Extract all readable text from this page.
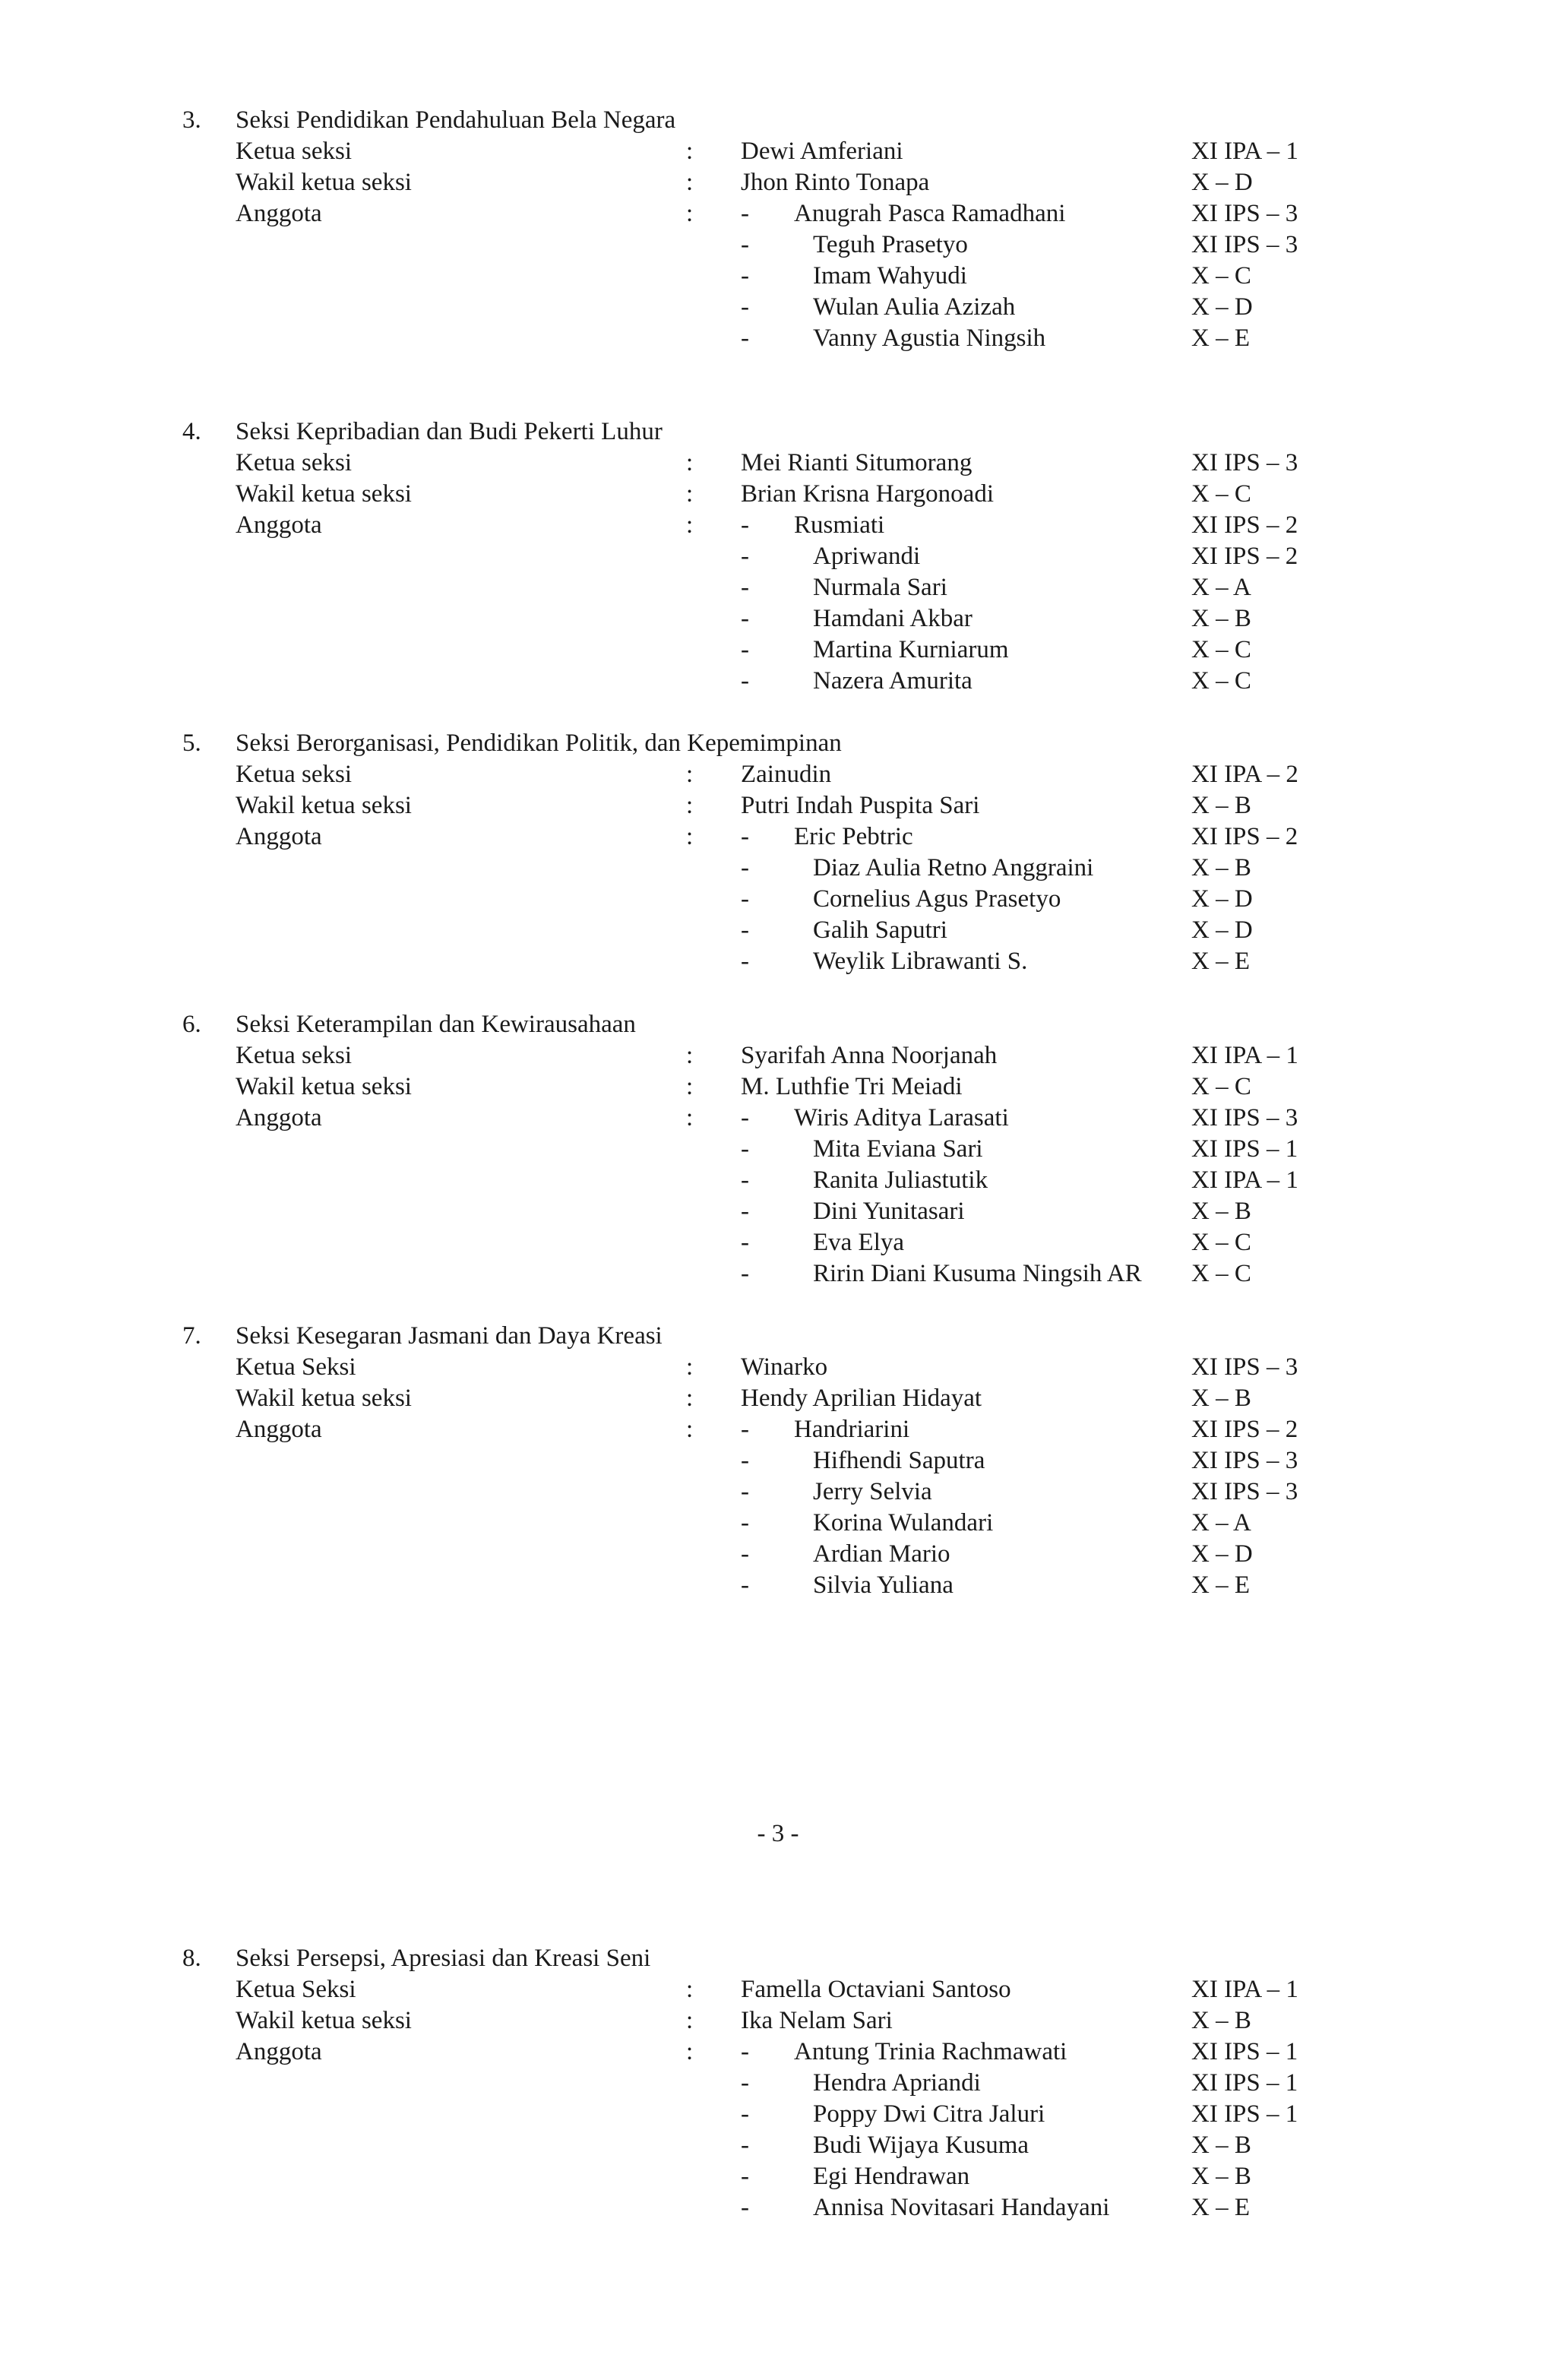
3. Seksi Pendidikan Pendahuluan Bela Negara
Ketua seksi	: Dewi Amferiani	XI IPA – 1
Wakil ketua seksi	: Jhon Rinto Tonapa	X – D
Anggota	: - Anugrah Pasca Ramadhani	XI IPS – 3
-	Teguh Prasetyo	XI IPS – 3
-	Imam Wahyudi	X – C
-	Wulan Aulia Azizah	X – D
-	Vanny Agustia Ningsih	X – E
4. Seksi Kepribadian dan Budi Pekerti Luhur
Ketua seksi	: Mei Rianti Situmorang	XI IPS – 3
Wakil ketua seksi	: Brian Krisna Hargonoadi	X – C
Anggota	: - Rusmiati	XI IPS – 2
-	Apriwandi	XI IPS – 2
-	Nurmala Sari	X – A
-	Hamdani Akbar	X – B
-	Martina Kurniarum	X – C
-	Nazera Amurita	X – C
5. Seksi Berorganisasi, Pendidikan Politik, dan Kepemimpinan
Ketua seksi	: Zainudin	XI IPA – 2
Wakil ketua seksi	: Putri Indah Puspita Sari	X – B
Anggota	: - Eric Pebtric	XI IPS – 2
-	Diaz Aulia Retno Anggraini	X – B
-	Cornelius Agus Prasetyo	X – D
-	Galih Saputri	X – D
-	Weylik Librawanti S.	X – E
6. Seksi Keterampilan dan Kewirausahaan
Ketua seksi	: Syarifah Anna Noorjanah	XI IPA – 1
Wakil ketua seksi	: M. Luthfie Tri Meiadi	X – C
Anggota	: - Wiris Aditya Larasati	XI IPS – 3
-	Mita Eviana Sari	XI IPS – 1
-	Ranita Juliastutik	XI IPA – 1
-	Dini Yunitasari	X – B
-	Eva Elya	X – C
-	Ririn Diani Kusuma Ningsih AR X – C
7. Seksi Kesegaran Jasmani dan Daya Kreasi
Ketua Seksi	: Winarko	XI IPS – 3
Wakil ketua seksi	: Hendy Aprilian Hidayat	X – B
Anggota	: - Handriarini	XI IPS – 2
-	Hifhendi Saputra	XI IPS – 3
-	Jerry Selvia	XI IPS – 3
-	Korina Wulandari	X – A
-	Ardian Mario	X – D
-	Silvia Yuliana	X – E
8. Seksi Persepsi, Apresiasi dan Kreasi Seni
Ketua Seksi	: Famella Octaviani Santoso	XI IPA – 1
Wakil ketua seksi	: Ika Nelam Sari	X – B
Anggota	: - Antung Trinia Rachmawati	XI IPS – 1
-	Hendra Apriandi	XI IPS – 1
-	Poppy Dwi Citra Jaluri	XI IPS – 1
-	Budi Wijaya Kusuma	X – B
-	Egi Hendrawan	X – B
-	Annisa Novitasari Handayani	X – E
- 3 -
